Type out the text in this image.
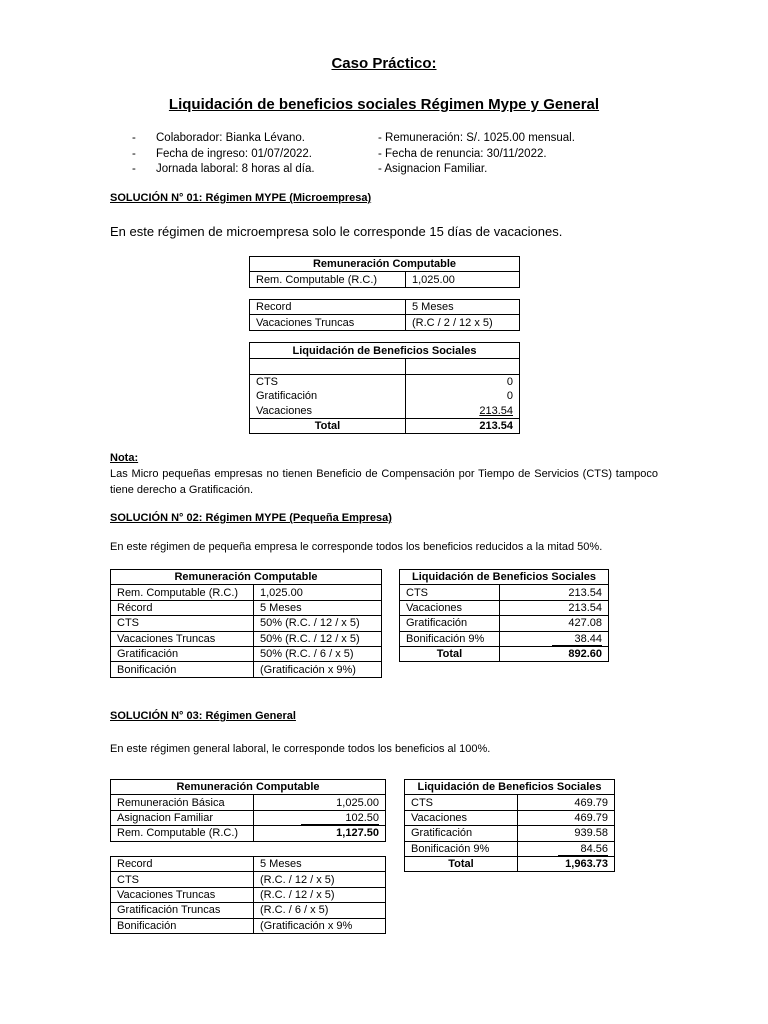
Caso Práctico:
Liquidación de beneficios sociales Régimen Mype y General
- Colaborador: Bianka Lévano.	- Remuneración: S/. 1025.00 mensual.
- Fecha de ingreso: 01/07/2022.	- Fecha de renuncia: 30/11/2022.
- Jornada laboral: 8 horas al día.	- Asignacion Familiar.
SOLUCIÓN N° 01: Régimen MYPE (Microempresa)
En este régimen de microempresa solo le corresponde 15 días de vacaciones.
Remuneración Computable
Rem. Computable (R.C.)	1,025.00
Record	5 Meses
Vacaciones Truncas	(R.C / 2 / 12 x 5)
Liquidación de Beneficios Sociales	

CTS	0
Gratificación	0
Vacaciones	213.54
Total	213.54
Nota:
Las Micro pequeñas empresas no tienen Beneficio de Compensación por Tiempo de Servicios (CTS) tampoco tiene derecho a Gratificación.
SOLUCIÓN N° 02: Régimen MYPE (Pequeña Empresa)
En este régimen de pequeña empresa le corresponde todos los beneficios reducidos a la mitad 50%.
Remuneración Computable	
Rem. Computable (R.C.)	1,025.00
Récord	5 Meses
CTS	50% (R.C. / 12 / x 5)
Vacaciones Truncas	50% (R.C. / 12 / x 5)
Gratificación	50% (R.C. / 6 / x 5)
Bonificación	(Gratificación x 9%)
Liquidación de Beneficios Sociales	
CTS	213.54
Vacaciones	213.54
Gratificación	427.08
Bonificación 9%	38.44
Total	892.60
SOLUCIÓN N° 03: Régimen General
En este régimen general laboral, le corresponde todos los beneficios al 100%.
Remuneración Computable	
Remuneración Básica	1,025.00
Asignacion Familiar	102.50
Rem. Computable (R.C.)	1,127.50
Record	5 Meses
CTS	(R.C. / 12 / x 5)
Vacaciones Truncas	(R.C. / 12 / x 5)
Gratificación Truncas	(R.C. / 6 / x 5)
Bonificación	(Gratificación x 9%
Liquidación de Beneficios Sociales	
CTS	469.79
Vacaciones	469.79
Gratificación	939.58
Bonificación 9%	84.56
Total	1,963.73
